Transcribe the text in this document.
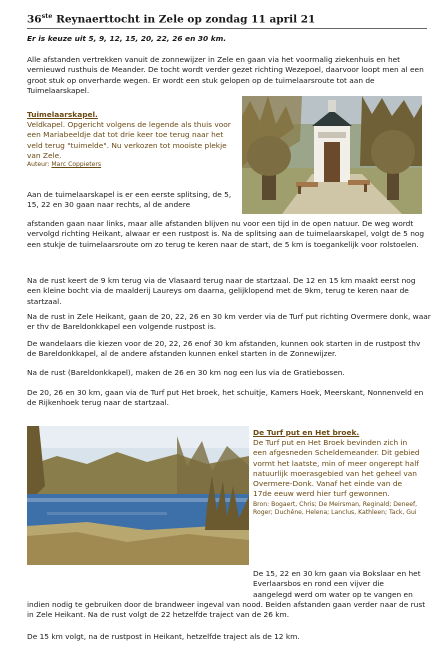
36ste Reynaerttocht in Zele op zondag 11 april 21

Er is keuze uit 5, 9, 12, 15, 20, 22, 26 en 30 km.

Alle afstanden vertrekken vanuit de zonnewijzer in Zele en gaan via het voormalig ziekenhuis en het vernieuwd rusthuis de Meander. De tocht wordt verder gezet richting Wezepoel, daarvoor loopt men al een groot stuk op onverharde wegen. Er wordt een stuk gelopen op de tuimelaarsroute tot aan de Tuimelaarskapel.

Tuimelaarskapel.
Veldkapel. Opgericht volgens de legende als thuis voor een Mariabeeldje dat tot drie keer toe terug naar het veld terug "tuimelde". Nu verkozen tot mooiste plekje van Zele.
Auteur: Marc Coppieters

Aan de tuimelaarskapel is er een eerste splitsing, de 5, 15, 22 en 30 gaan naar rechts, al de andere

afstanden gaan naar links, maar alle afstanden blijven nu voor een tijd in de open natuur. De weg wordt vervolgd richting Heikant, alwaar er een rustpost is. Na de splitsing aan de tuimelaarskapel, volgt de 5 nog een stukje de tuimelaarsroute om zo terug te keren naar de start, de 5 km is toegankelijk voor rolstoelen.

Na de rust keert de 9 km terug via de Vlasaard terug naar de startzaal. De 12 en 15 km maakt eerst nog een kleine bocht via de maalderij Laureys om daarna, gelijklopend met de 9km, terug te keren naar de startzaal.

Na de rust in Zele Heikant, gaan de 20, 22, 26 en 30 km verder via de Turf put richting Overmere donk, waar er thv de Bareldonkkapel een volgende rustpost is.

De wandelaars die kiezen voor de 20, 22, 26 enof 30 km afstanden, kunnen ook starten in de rustpost thv de Bareldonkkapel, al de andere afstanden kunnen enkel starten in de Zonnewijzer.

Na de rust (Bareldonkkapel), maken de 26 en 30 km nog een lus via de Gratiebossen.

De 20, 26 en 30 km, gaan via de Turf put Het broek, het schuitje, Kamers Hoek, Meerskant, Nonnenveld en de Rijkenhoek terug naar de startzaal.

De Turf put en Het broek.
De Turf put en Het Broek bevinden zich in een afgesneden Scheldemeander. Dit gebied vormt het laatste, min of meer ongerept half natuurlijk moerasgebied van het geheel van Overmere-Donk. Vanaf het einde van de 17de eeuw werd hier turf gewonnen.
Bron: Bogaert, Chris; De Meirsman, Reginald; Deneef, Roger; Duchêne, Helena; Lanclus, Kathleen; Tack, Gui

De 15, 22 en 30 km gaan via Bokslaar en het Everlaarsbos en rond een vijver die aangelegd werd om water op te vangen en

indien nodig te gebruiken door de brandweer ingeval van nood. Beiden afstanden gaan verder naar de rust in Zele Heikant. Na de rust volgt de 22 hetzelfde traject van de 26 km.

De 15 km volgt, na de rustpost in Heikant, hetzelfde traject als de 12 km.
